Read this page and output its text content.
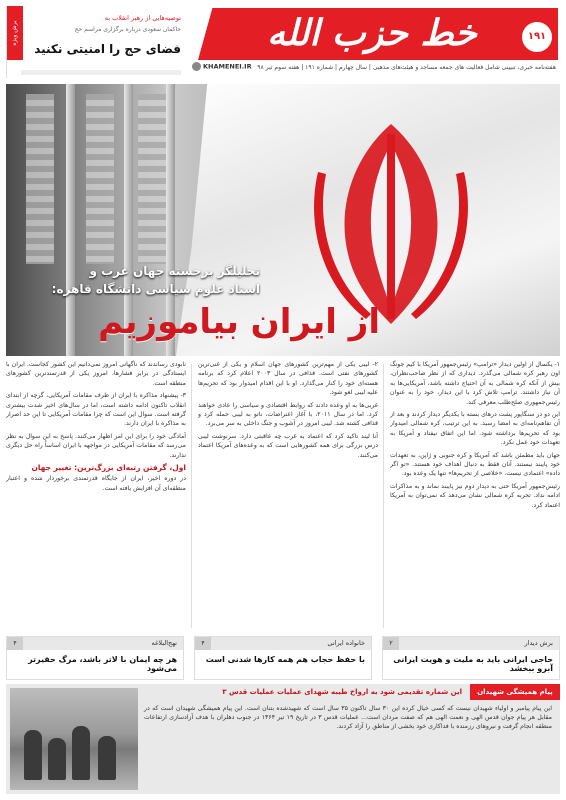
خط حزب الله	۱۹۱
هفته‌نامه خبری، تبیینی شامل فعالیت های جمعه مساجد و هیئت‌های مذهبی | سال چهارم | شماره ۱۹۱ | هفته سوم تیر ۹۸
KHAMENEI.IR
برش ویژه
توصیه‌هایی از رهبر انقلاب به
حاکمان سعودی درباره برگزاری مراسم حج
فضای حج را امنیتی نکنید
تحلیلگر برجسته جهان عرب و
استاد علوم سیاسی دانشگاه قاهره:
از ایران بیاموزیم

۱- یکسال از اولین دیدار «ترامپ» رئیس‌جمهور آمریکا با کیم جونگ اون رهبر کره شمالی می‌گذرد. دیداری که از نظر صاحب‌نظران، بیش از آنکه کره شمالی به آن احتیاج داشته باشد، آمریکایی‌ها به آن نیاز داشتند. ترامپ تلاش کرد با این دیدار، خود را به عنوان رئیس‌جمهوری صلح‌طلب معرفی کند.

این دو در سنگاپور پشت درهای بسته با یکدیگر دیدار کردند و بعد از آن تفاهم‌نامه‌ای به امضا رسید. به این ترتیب، کره شمالی امیدوار بود که تحریم‌ها برداشته شود. اما این اتفاق نیفتاد و آمریکا به تعهدات خود عمل نکرد.

جهان باید مطمئن باشد که آمریکا و کره جنوبی و ژاپن، به تعهدات خود پایبند نیستند. آنان فقط به دنبال اهداف خود هستند. «تو اگر داده» اعتمادی نیست. «خلاصی از تحریم‌ها» تنها یک وعده بود.

رئیس‌جمهور آمریکا حتی به دیدار دوم نیز پایبند نماند و به مذاکرات ادامه نداد. تجربه کره شمالی نشان می‌دهد که نمی‌توان به آمریکا اعتماد کرد.

۲- لیبی یکی از مهم‌ترین کشورهای جهان اسلام و یکی از غنی‌ترین کشورهای نفتی است. قذافی در سال ۲۰۰۳ اعلام کرد که برنامه هسته‌ای خود را کنار می‌گذارد. او با این اقدام امیدوار بود که تحریم‌ها علیه لیبی لغو شود.

غربی‌ها به او وعده دادند که روابط اقتصادی و سیاسی را عادی خواهند کرد. اما در سال ۲۰۱۱، با آغاز اعتراضات، ناتو به لیبی حمله کرد و قذافی کشته شد. لیبی امروز در آشوب و جنگ داخلی به سر می‌برد.

آنا لیند تاکید کرد که اعتماد به غرب چه عاقبتی دارد. سرنوشت لیبی درس بزرگی برای همه کشورهایی است که به وعده‌های آمریکا اعتماد می‌کنند.

نابودی رساندند که ناگهانی امروز نمی‌دانیم این کشور کجاست. ایران با ایستادگی در برابر فشارها، امروز یکی از قدرتمندترین کشورهای منطقه است.

۳- پیشنهاد مذاکره با ایران از طرف مقامات آمریکایی، گرچه از ابتدای انقلاب تاکنون ادامه داشته است، اما در سال‌های اخیر شدت بیشتری گرفته است. سوال این است که چرا مقامات آمریکایی تا این حد اصرار به مذاکره با ایران دارند.

آمادگی خود را برای این امر اظهار می‌کنند. پاسخ به این سوال به نظر می‌رسد که مقامات آمریکایی در مواجهه با ایران اساساً راه حل دیگری ندارند.

اول، گرفتن رتبه‌ای بزرگ‌ترین: تغییر جهان

در دوره اخیر، ایران از جایگاه قدرتمندی برخوردار شده و اعتبار منطقه‌ای آن افزایش یافته است.

برش دیدار
۲
حاجی ایرانی باید به ملیت و هویت ایرانی آبرو ببخشد
خانواده ایرانی
۴
با حفظ حجاب هم همه کارها شدنی است
نهج‌البلاغه
۴
هر چه ایمان با لاتر باشد، مرگ حقیرتر می‌شود
پیام همیشگی شهیدان
این شماره تقدیمی شود به ارواح طیبه شهدای عملیات عملیات قدس ۳
این پیام پیامبر و اولیاء شهیدان نیست که کسی خیال کرده این ۳۰ سال تاکنون ۳۵ سال است که شهیدشده بتنان است. این پیام همیشگی شهیدان است که در مقابل هر پیام جوان قدس الهی و نعمت الهی هم که صفت مردان است... عملیات قدس ۳ در تاریخ ۱۹ تیر ۱۳۶۴ در جنوب دهلران با هدف آزادسازی ارتفاعات منطقه انجام گرفت و نیروهای رزمنده با فداکاری خود بخشی از مناطق را آزاد کردند.
